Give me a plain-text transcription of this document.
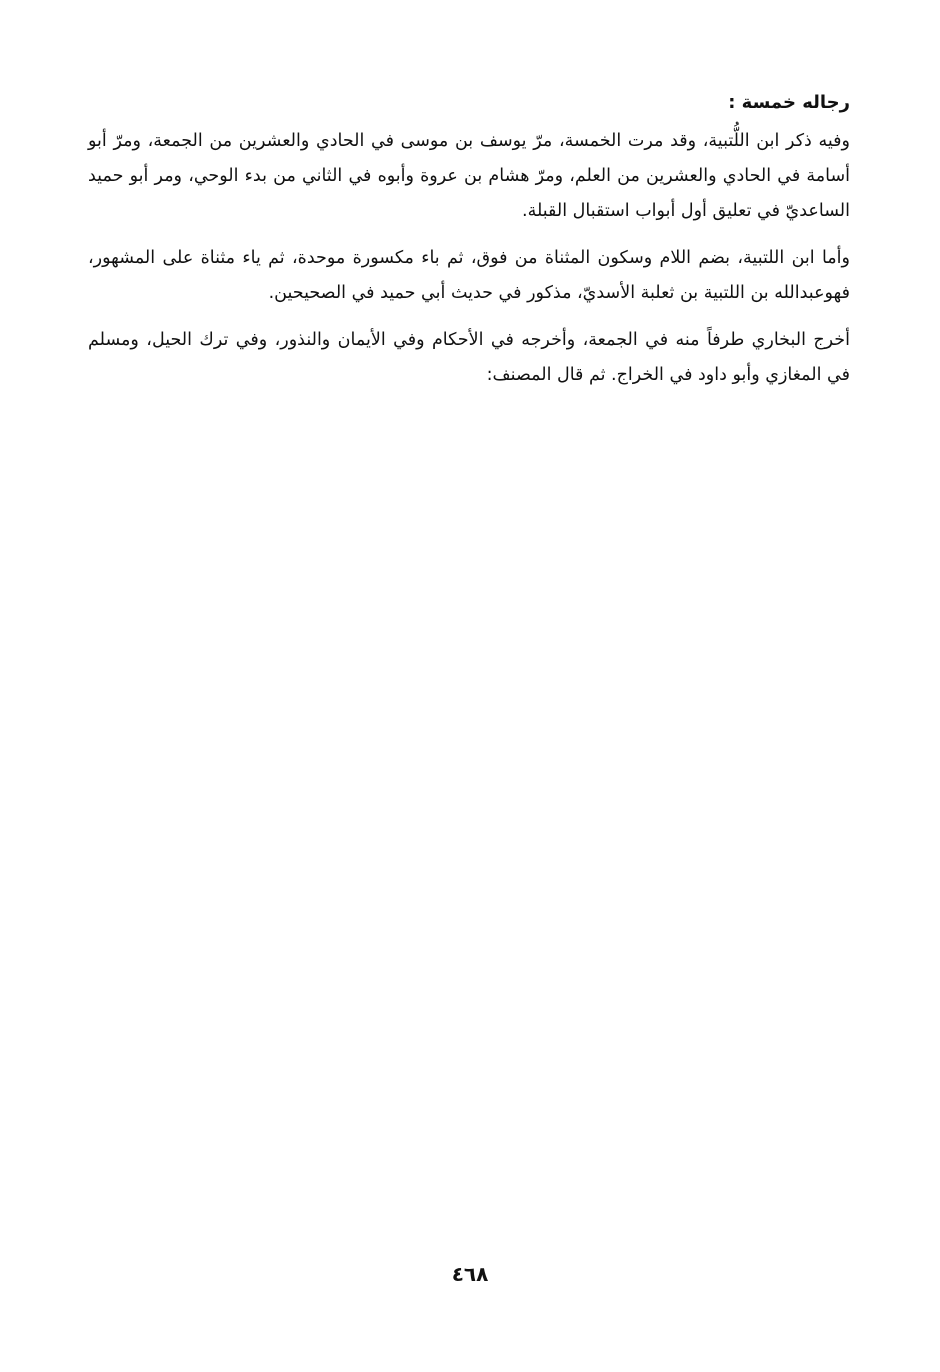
رجاله خمسة :

وفيه ذكر ابن اللُّتبية، وقد مرت الخمسة، مرّ يوسف بن موسى في الحادي والعشرين من الجمعة، ومرّ أبو أسامة في الحادي والعشرين من العلم، ومرّ هشام بن عروة وأبوه في الثاني من بدء الوحي، ومر أبو حميد الساعديّ في تعليق أول أبواب استقبال القبلة.

وأما ابن اللتبية، بضم اللام وسكون المثناة من فوق، ثم باء مكسورة موحدة، ثم ياء مثناة على المشهور، فهوعبدالله بن اللتبية بن ثعلبة الأسديّ، مذكور في حديث أبي حميد في الصحيحين.

أخرج البخاري طرفاً منه في الجمعة، وأخرجه في الأحكام وفي الأيمان والنذور، وفي ترك الحيل، ومسلم في المغازي وأبو داود في الخراج. ثم قال المصنف:

٤٦٨
